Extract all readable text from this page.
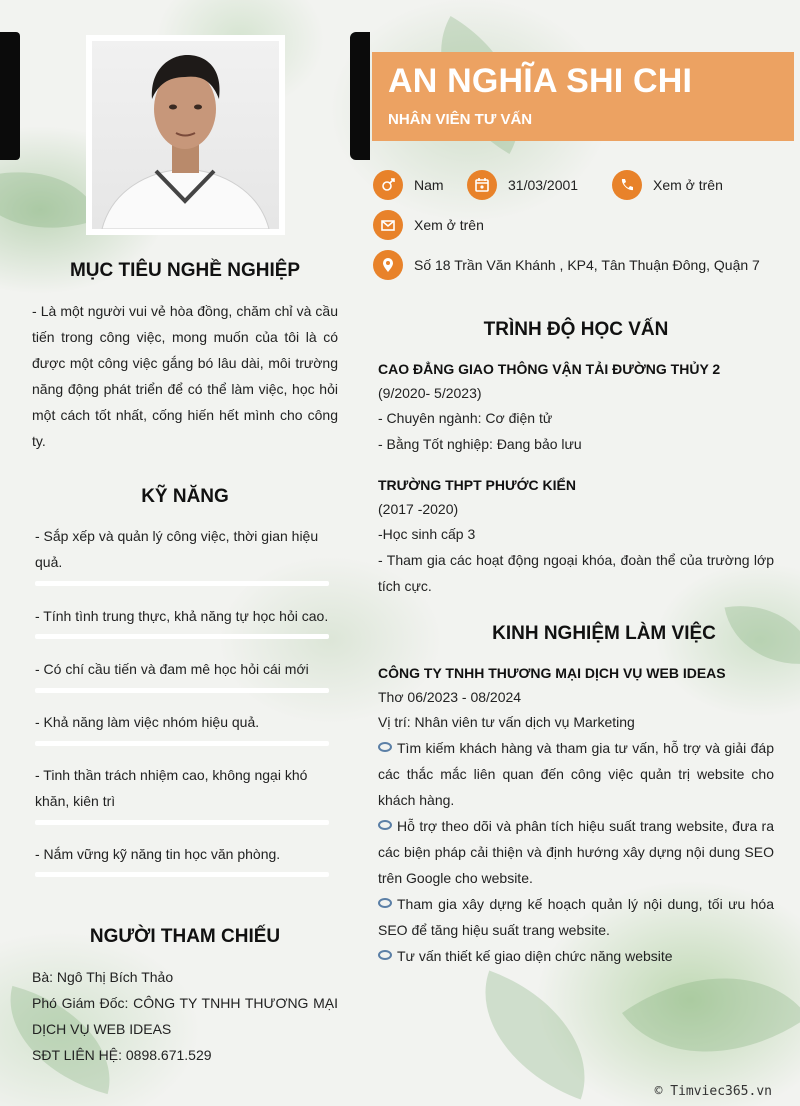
AN NGHĨA SHI CHI
NHÂN VIÊN TƯ VẤN
Nam	31/03/2001	Xem ở trên
Xem ở trên
Số 18 Trần Văn Khánh , KP4, Tân Thuận Đông, Quận 7
MỤC TIÊU NGHỀ NGHIỆP
- Là một người vui vẻ hòa đồng, chăm chỉ và cầu tiến trong công việc, mong muốn của tôi là có được một công việc gắng bó lâu dài, môi trường năng động phát triển để có thể làm việc, học hỏi một cách tốt nhất, cống hiến hết mình cho công ty.
KỸ NĂNG
- Sắp xếp và quản lý công việc, thời gian hiệu quả.
- Tính tình trung thực, khả năng tự học hỏi cao.
- Có chí cầu tiến và đam mê học hỏi cái mới
- Khả năng làm việc nhóm hiệu quả.
- Tinh thần trách nhiệm cao, không ngại khó khăn, kiên trì
- Nắm vững kỹ năng tin học văn phòng.
NGƯỜI THAM CHIẾU
Bà: Ngô Thị Bích Thảo
Phó Giám Đốc: CÔNG TY TNHH THƯƠNG MẠI DỊCH VỤ WEB IDEAS
SĐT LIÊN HỆ: 0898.671.529
TRÌNH ĐỘ HỌC VẤN
CAO ĐẲNG GIAO THÔNG VẬN TẢI ĐƯỜNG THỦY 2
(9/2020- 5/2023)
- Chuyên ngành: Cơ điện tử
- Bằng Tốt nghiệp: Đang bảo lưu
TRƯỜNG THPT PHƯỚC KIỂN
(2017 -2020)
-Học sinh cấp 3
- Tham gia các hoạt động ngoại khóa, đoàn thể của trường lớp tích cực.
KINH NGHIỆM LÀM VIỆC
CÔNG TY TNHH THƯƠNG MẠI DỊCH VỤ WEB IDEAS
Thơ 06/2023 - 08/2024
Vị trí: Nhân viên tư vấn dịch vụ Marketing
Tìm kiếm khách hàng và tham gia tư vấn, hỗ trợ và giải đáp các thắc mắc liên quan đến công việc quản trị website cho khách hàng.
Hỗ trợ theo dõi và phân tích hiệu suất trang website, đưa ra các biện pháp cải thiện và định hướng xây dựng nội dung SEO trên Google cho website.
Tham gia xây dựng kế hoạch quản lý nội dung, tối ưu hóa SEO để tăng hiệu suất trang website.
Tư vấn thiết kế giao diện chức năng website
© Timviec365.vn
